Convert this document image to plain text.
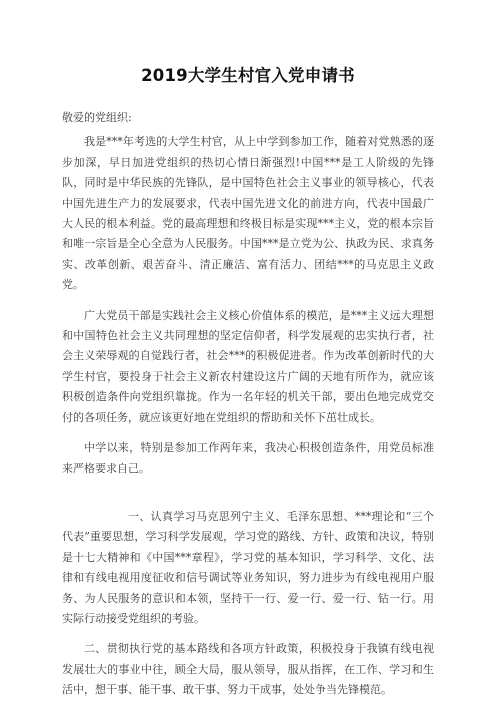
2019大学生村官入党申请书

敬爱的党组织:

我是***年考选的大学生村官，从上中学到参加工作，随着对党熟悉的逐步加深，早日加进党组织的热切心情日渐强烈!中国***是工人阶级的先锋队，同时是中华民族的先锋队，是中国特色社会主义事业的领导核心，代表中国先进生产力的发展要求，代表中国先进文化的前进方向，代表中国最广大人民的根本利益。党的最高理想和终极目标是实现***主义，党的根本宗旨和唯一宗旨是全心全意为人民服务。中国***是立党为公、执政为民、求真务实、改革创新、艰苦奋斗、清正廉洁、富有活力、团结***的马克思主义政党。

广大党员干部是实践社会主义核心价值体系的模范，是***主义远大理想和中国特色社会主义共同理想的坚定信仰者，科学发展观的忠实执行者，社会主义荣辱观的自觉践行者，社会***的积极促进者。作为改革创新时代的大学生村官，要投身于社会主义新农村建设这片广阔的天地有所作为，就应该积极创造条件向党组织靠拢。作为一名年轻的机关干部，要出色地完成党交付的各项任务，就应该更好地在党组织的帮助和关怀下茁壮成长。

中学以来，特别是参加工作两年来，我决心积极创造条件，用党员标准来严格要求自己。

一、认真学习马克思列宁主义、毛泽东思想、***理论和“三个代表”重要思想，学习科学发展观，学习党的路线、方针、政策和决议，特别是十七大精神和《中国***章程》，学习党的基本知识，学习科学、文化、法律和有线电视用度征收和信号调试等业务知识，努力进步为有线电视用户服务、为人民服务的意识和本领，坚持干一行、爱一行、爱一行、钻一行。用实际行动接受党组织的考验。

二、贯彻执行党的基本路线和各项方针政策，积极投身于我镇有线电视发展壮大的事业中往，顾全大局，服从领导，服从指挥，在工作、学习和生活中，想干事、能干事、敢干事、努力干成事，处处争当先锋模范。
